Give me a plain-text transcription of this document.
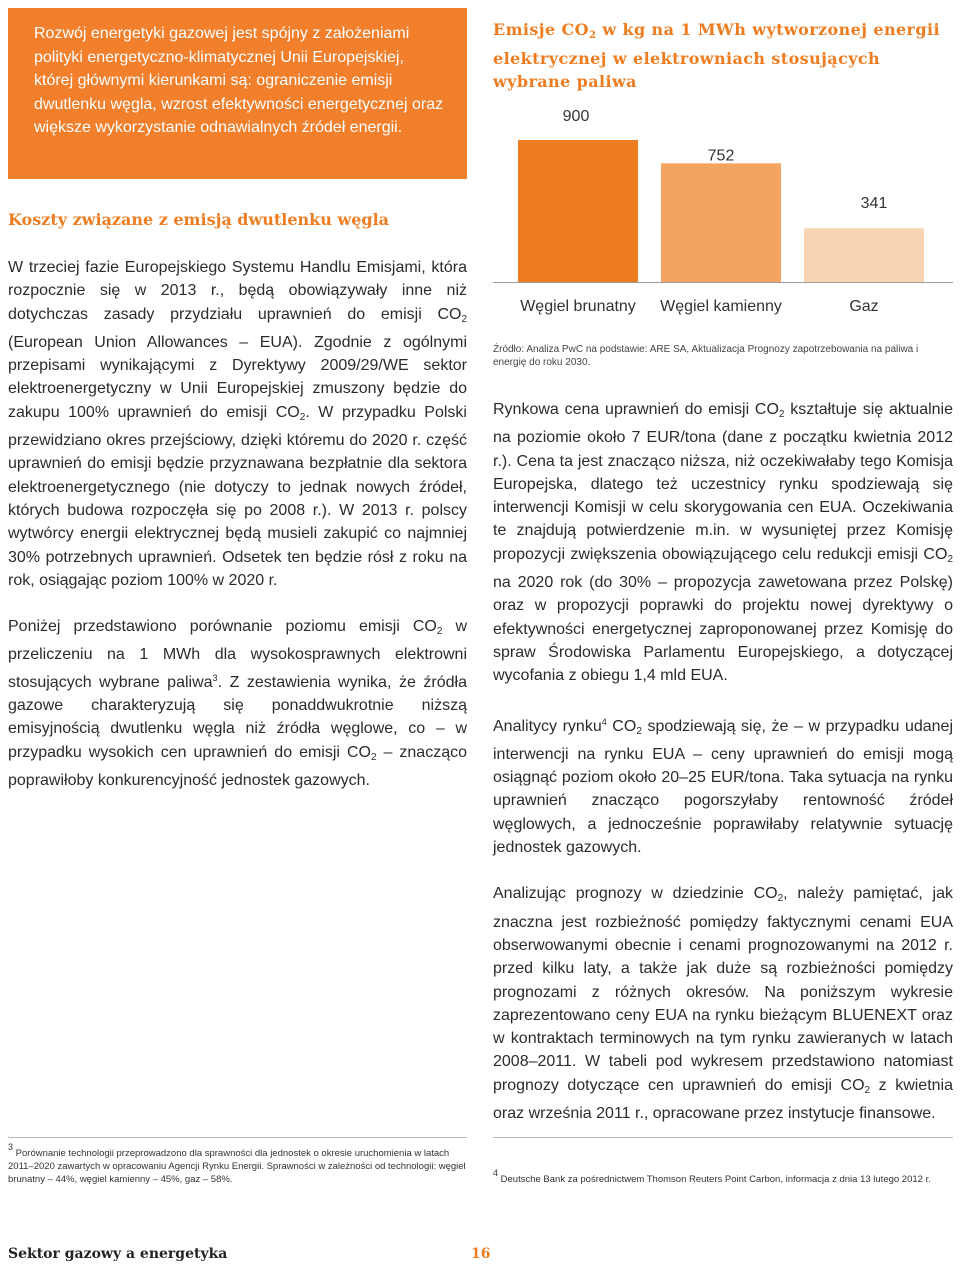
Rozwój energetyki gazowej jest spójny z założeniami polityki energetyczno-klimatycznej Unii Europejskiej, której głównymi kierunkami są: ograniczenie emisji dwutlenku węgla, wzrost efektywności energetycznej oraz większe wykorzystanie odnawialnych źródeł energii.
Koszty związane z emisją dwutlenku węgla

W trzeciej fazie Europejskiego Systemu Handlu Emisjami, która rozpocznie się w 2013 r., będą obowiązywały inne niż dotychczas zasady przydziału uprawnień do emisji $CO_2$ (European Union Allowances – EUA). Zgodnie z ogólnymi przepisami wynikającymi z Dyrektywy 2009/29/WE sektor elektroenergetyczny w Unii Europejskiej zmuszony będzie do zakupu 100% uprawnień do emisji $CO_2$. W przypadku Polski przewidziano okres przejściowy, dzięki któremu do 2020 r. część uprawnień do emisji będzie przyznawana bezpłatnie dla sektora elektroenergetycznego (nie dotyczy to jednak nowych źródeł, których budowa rozpoczęła się po 2008 r.). W 2013 r. polscy wytwórcy energii elektrycznej będą musieli zakupić co najmniej 30% potrzebnych uprawnień. Odsetek ten będzie rósł z roku na rok, osiągając poziom 100% w 2020 r.

Poniżej przedstawiono porównanie poziomu emisji $CO_2$ w przeliczeniu na 1 MWh dla wysokosprawnych elektrowni stosujących wybrane paliwa$^3$. Z zestawienia wynika, że źródła gazowe charakteryzują się ponaddwukrotnie niższą emisyjnością dwutlenku węgla niż źródła węglowe, co – w przypadku wysokich cen uprawnień do emisji $CO_2$ – znacząco poprawiłoby konkurencyjność jednostek gazowych.

Emisje $CO_2$ w kg na 1 MWh wytworzonej energii elektrycznej w elektrowniach stosujących wybrane paliwa
900
752
341
Źródło: Analiza PwC na podstawie: ARE SA, Aktualizacja Prognozy zapotrzebowania na paliwa i energię do roku 2030.
Węgiel brunatny Węgiel kamienny	Gaz

Rynkowa cena uprawnień do emisji $CO_2$ kształtuje się aktualnie na poziomie około 7 EUR/tona (dane z początku kwietnia 2012 r.). Cena ta jest znacząco niższa, niż oczekiwałaby tego Komisja Europejska, dlatego też uczestnicy rynku spodziewają się interwencji Komisji w celu skorygowania cen EUA. Oczekiwania te znajdują potwierdzenie m.in. w wysuniętej przez Komisję propozycji zwiększenia obowiązującego celu redukcji emisji $CO_2$ na 2020 rok (do 30% – propozycja zawetowana przez Polskę) oraz w propozycji poprawki do projektu nowej dyrektywy o efektywności energetycznej zaproponowanej przez Komisję do spraw Środowiska Parlamentu Europejskiego, a dotyczącej wycofania z obiegu 1,4 mld EUA.

Analitycy rynku$^4$ $CO_2$ spodziewają się, że – w przypadku udanej interwencji na rynku EUA – ceny uprawnień do emisji mogą osiągnąć poziom około 20–25 EUR/tona. Taka sytuacja na rynku uprawnień znacząco pogorszyłaby rentowność źródeł węglowych, a jednocześnie poprawiłaby relatywnie sytuację jednostek gazowych.

Analizując prognozy w dziedzinie $CO_2$, należy pamiętać, jak znaczna jest rozbieżność pomiędzy faktycznymi cenami EUA obserwowanymi obecnie i cenami prognozowanymi na 2012 r. przed kilku laty, a także jak duże są rozbieżności pomiędzy prognozami z różnych okresów. Na poniższym wykresie zaprezentowano ceny EUA na rynku bieżącym BLUENEXT oraz w kontraktach terminowych na tym rynku zawieranych w latach 2008–2011. W tabeli pod wykresem przedstawiono natomiast prognozy dotyczące cen uprawnień do emisji $CO_2$ z kwietnia oraz września 2011 r., opracowane przez instytucje finansowe.

3 Porównanie technologii przeprowadzono dla sprawności dla jednostek o okresie uruchomienia w latach 2011–2020 zawartych w opracowaniu Agencji Rynku Energii. Sprawności w zależności od technologii: węgiel brunatny – 44%, węgiel kamienny – 45%, gaz – 58%.
4 Deutsche Bank za pośrednictwem Thomson Reuters Point Carbon, informacja z dnia 13 lutego 2012 r.
Sektor gazowy a energetyka	16
